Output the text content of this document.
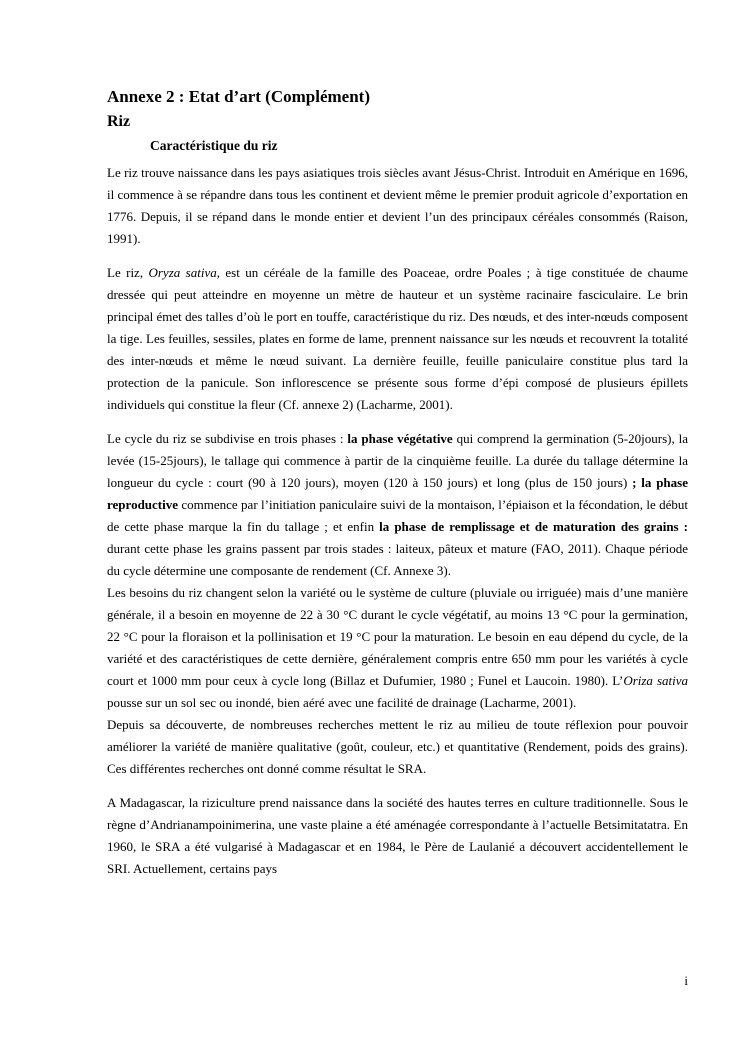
Annexe 2 : Etat d’art (Complément)
Riz
Caractéristique du riz

Le riz trouve naissance dans les pays asiatiques trois siècles avant Jésus-Christ. Introduit en Amérique en 1696, il commence à se répandre dans tous les continent et devient même le premier produit agricole d’exportation en 1776. Depuis, il se répand dans le monde entier et devient l’un des principaux céréales consommés (Raison, 1991).

Le riz, Oryza sativa, est un céréale de la famille des Poaceae, ordre Poales ; à tige constituée de chaume dressée qui peut atteindre en moyenne un mètre de hauteur et un système racinaire fasciculaire. Le brin principal émet des talles d’où le port en touffe, caractéristique du riz. Des nœuds, et des inter-nœuds composent la tige. Les feuilles, sessiles, plates en forme de lame, prennent naissance sur les nœuds et recouvrent la totalité des inter-nœuds et même le nœud suivant. La dernière feuille, feuille paniculaire constitue plus tard la protection de la panicule. Son inflorescence se présente sous forme d’épi composé de plusieurs épillets individuels qui constitue la fleur (Cf. annexe 2) (Lacharme, 2001).

Le cycle du riz se subdivise en trois phases : la phase végétative qui comprend la germination (5-20jours), la levée (15-25jours), le tallage qui commence à partir de la cinquième feuille. La durée du tallage détermine la longueur du cycle : court (90 à 120 jours), moyen (120 à 150 jours) et long (plus de 150 jours) ; la phase reproductive commence par l’initiation paniculaire suivi de la montaison, l’épiaison et la fécondation, le début de cette phase marque la fin du tallage ; et enfin la phase de remplissage et de maturation des grains : durant cette phase les grains passent par trois stades : laiteux, pâteux et mature (FAO, 2011). Chaque période du cycle détermine une composante de rendement (Cf. Annexe 3).

Les besoins du riz changent selon la variété ou le système de culture (pluviale ou irriguée) mais d’une manière générale, il a besoin en moyenne de 22 à 30 °C durant le cycle végétatif, au moins 13 °C pour la germination, 22 °C pour la floraison et la pollinisation et 19 °C pour la maturation. Le besoin en eau dépend du cycle, de la variété et des caractéristiques de cette dernière, généralement compris entre 650 mm pour les variétés à cycle court et 1000 mm pour ceux à cycle long (Billaz et Dufumier, 1980 ; Funel et Laucoin. 1980). L’Oriza sativa pousse sur un sol sec ou inondé, bien aéré avec une facilité de drainage (Lacharme, 2001).

Depuis sa découverte, de nombreuses recherches mettent le riz au milieu de toute réflexion pour pouvoir améliorer la variété de manière qualitative (goût, couleur, etc.) et quantitative (Rendement, poids des grains). Ces différentes recherches ont donné comme résultat le SRA.

A Madagascar, la riziculture prend naissance dans la société des hautes terres en culture traditionnelle. Sous le règne d’Andrianampoinimerina, une vaste plaine a été aménagée correspondante à l’actuelle Betsimitatatra. En 1960, le SRA a été vulgarisé à Madagascar et en 1984, le Père de Laulanié a découvert accidentellement le SRI. Actuellement, certains pays

i
